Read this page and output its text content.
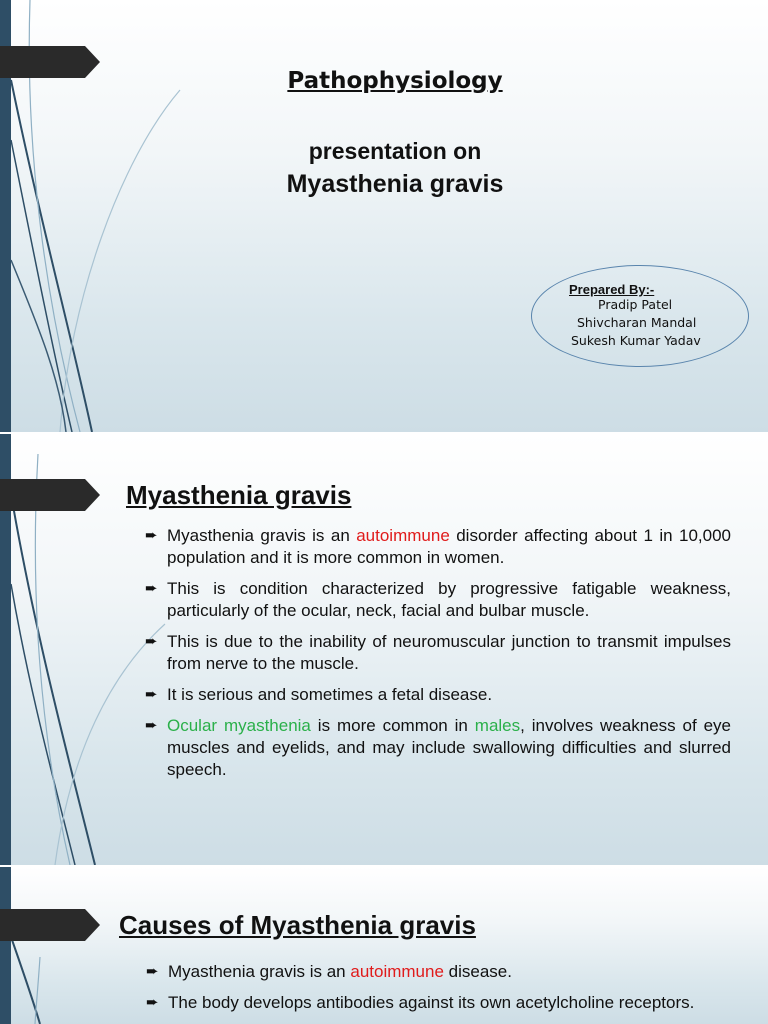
Pathophysiology
presentation on
Myasthenia gravis
Prepared By:-
Pradip Patel
Shivcharan Mandal
Sukesh Kumar Yadav
Myasthenia gravis
➨ Myasthenia gravis is an autoimmune disorder affecting about 1 in 10,000 population and it is more common in women.
➨ This is condition characterized by progressive fatigable weakness, particularly of the ocular, neck, facial and bulbar muscle.
➨ This is due to the inability of neuromuscular junction to transmit impulses from nerve to the muscle.
➨ It is serious and sometimes a fetal disease.
➨ Ocular myasthenia is more common in males, involves weakness of eye muscles and eyelids, and may include swallowing difficulties and slurred speech.
Causes of Myasthenia gravis
➨ Myasthenia gravis is an autoimmune disease.
➨ The body develops antibodies against its own acetylcholine receptors.
